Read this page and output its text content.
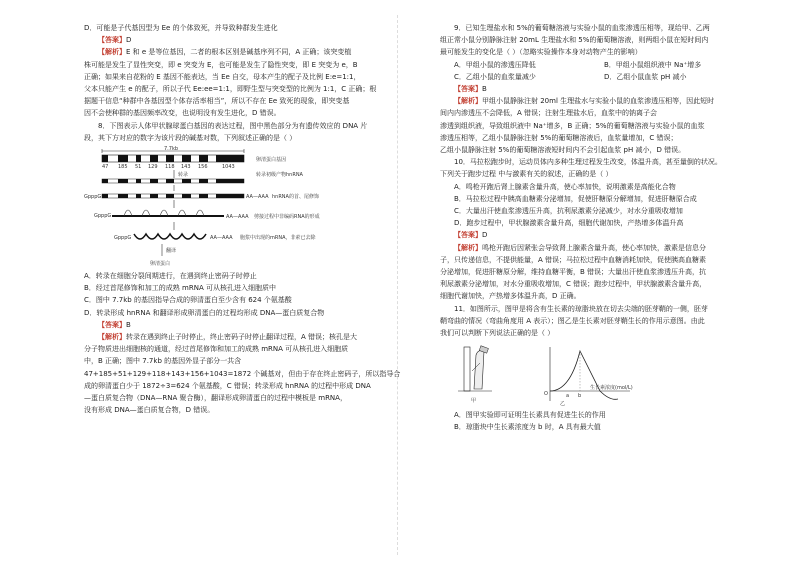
D．可能是子代基因型为 Ee 的个体致死，并导致种群发生进化
【答案】D
【解析】E 和 e 是等位基因，二者的根本区别是碱基序列不同，A 正确；该突变植
株可能是发生了显性突变，即 e 突变为 E，也可能是发生了隐性突变，即 E 突变为 e，B
正确；如果来自花粉的 E 基因不能表达，当 Ee 自交，母本产生的配子及比例 E:e=1:1，
父本只能产生 e 的配子，所以子代 Ee:ee=1:1，即野生型与突变型的比例为 1:1，C 正确；根
据题干信息“种群中各基因型个体存活率相当”，所以不存在 Ee 致死的现象，即突变基
因不会使种群的基因频率改变，也说明没有发生进化，D 错误。
8．下图表示人体甲状腺球蛋白基因的表达过程，图中黑色部分为有遗传效应的 DNA 片
段，其下方对应的数字为该片段的碱基对数，下列叙述正确的是（ ）
7.7kb
47 185 51 129 118 143 156	1043
卵清蛋白基因
转录	转录初级产物hnRNA
GpppG	AA—AAA hnRNA的首、尾修饰
GpppG	AA—AAA 剪接过程中非编码RNA的形成
GpppG	AA—AAA 胞浆中出现的mRNA，非索已去除
翻译
卵清蛋白
A．转录在细胞分裂间期进行，在遇到终止密码子时停止
B．经过首尾修饰和加工的成熟 mRNA 可从核孔进入细胞质中
C．图中 7.7kb 的基因指导合成的卵清蛋白至少含有 624 个氨基酸
D．转录形成 hnRNA 和翻译形成卵清蛋白的过程均形成 DNA—蛋白质复合物
【答案】B
【解析】转录在遇到终止子时停止，终止密码子时停止翻译过程，A 错误；核孔是大
分子物质进出细胞核的通道，经过首尾修饰和加工的成熟 mRNA 可从核孔进入细胞质
中，B 正确；图中 7.7kb 的基因外显子部分一共含
47+185+51+129+118+143+156+1043=1872 个碱基对，但由于存在终止密码子，所以指导合
成的卵清蛋白少于 1872÷3=624 个氨基酸，C 错误；转录形成 hnRNA 的过程中形成 DNA
—蛋白质复合物（DNA—RNA 聚合酶），翻译形成卵清蛋白的过程中模板是 mRNA，
没有形成 DNA—蛋白质复合物，D 错误。
9．已知生理盐水和 5%的葡萄糖溶液与实验小鼠的血浆渗透压相等，现给甲、乙两
组正常小鼠分别静脉注射 20mL 生理盐水和 5%的葡萄糖溶液，则两组小鼠在短时间内
最可能发生的变化是（ ）（忽略实验操作本身对动物产生的影响）
A．甲组小鼠的渗透压降低	B．甲组小鼠组织液中 Na⁺增多
C．乙组小鼠的血浆量减少	D．乙组小鼠血浆 pH 减小
【答案】B
【解析】甲组小鼠静脉注射 20ml 生理盐水与实验小鼠的血浆渗透压相等，因此短时
间内内渗透压不会降低，A 错误；注射生理盐水后，血浆中的钠离子会
渗透到组织液，导致组织液中 Na⁺增多，B 正确；5%的葡萄糖溶液与实验小鼠的血浆
渗透压相等，乙组小鼠静脉注射 5%的葡萄糖溶液后，血浆量增加，C 错误；
乙组小鼠静脉注射 5%的葡萄糖溶液短时间内不会引起血浆 pH 减小，D 错误。
10．马拉松跑步时，运动员体内多种生理过程发生改变，体温升高，甚至量倒的状况。
下列关于跑步过程 中与激素有关的叙述，正确的是（ ）
A．鸣枪开跑后肾上腺素含量升高，使心率加快，说明激素是高能化合物
B．马拉松过程中胰高血糖素分泌增加，促使肝糖原分解增加，促进肝糖原合成
C．大量出汗使血浆渗透压升高，抗利尿激素分泌减少，对水分重吸收增加
D．跑步过程中，甲状腺激素含量升高，细胞代谢加快，产热增多体温升高
【答案】D
【解析】鸣枪开跑后因紧张会导致肾上腺素含量升高，使心率加快，激素是信息分
子，只传递信息，不提供能量，A 错误；马拉松过程中血糖消耗加快，促使胰高血糖素
分泌增加，促进肝糖原分解，维持血糖平衡，B 错误；大量出汗使血浆渗透压升高，抗
利尿激素分泌增加，对水分重吸收增加，C 错误；跑步过程中，甲状腺激素含量升高，
细胞代谢加快，产热增多体温升高，D 正确。
11．如图所示，图甲是将含有生长素的琼脂块放在切去尖端的胚芽鞘的一侧，胚芽
鞘弯曲的情况（弯曲角度用 A 表示）；图乙是生长素对胚芽鞘生长的作用示意图。由此
我们可以判断下列说法正确的是（ ）
甲
O	a b
生长素浓度(mol/L)
乙
A．图甲实验即可证明生长素具有促进生长的作用
B．琼脂块中生长素浓度为 b 时，A 具有最大值
